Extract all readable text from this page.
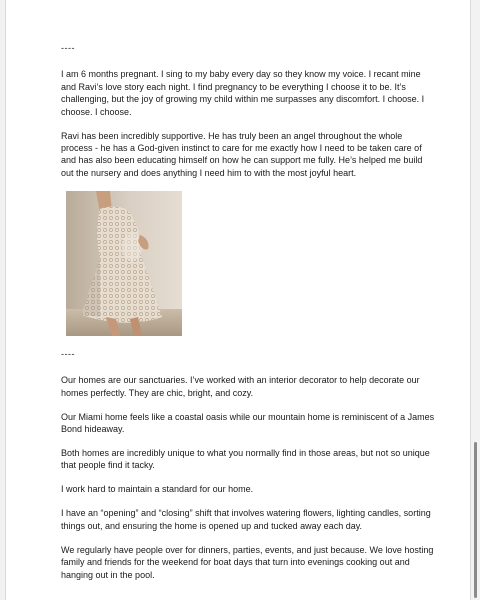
----

I am 6 months pregnant. I sing to my baby every day so they know my voice. I recant mine and Ravi’s love story each night. I find pregnancy to be everything I choose it to be. It’s challenging, but the joy of growing my child within me surpasses any discomfort. I choose. I choose. I choose.

Ravi has been incredibly supportive. He has truly been an angel throughout the whole process - he has a God-given instinct to care for me exactly how I need to be taken care of and has also been educating himself on how he can support me fully. He’s helped me build out the nursery and does anything I need him to with the most joyful heart.

----

Our homes are our sanctuaries. I’ve worked with an interior decorator to help decorate our homes perfectly. They are chic, bright, and cozy.

Our Miami home feels like a coastal oasis while our mountain home is reminiscent of a James Bond hideaway.

Both homes are incredibly unique to what you normally find in those areas, but not so unique that people find it tacky.

I work hard to maintain a standard for our home.

I have an “opening” and “closing” shift that involves watering flowers, lighting candles, sorting things out, and ensuring the home is opened up and tucked away each day.

We regularly have people over for dinners, parties, events, and just because. We love hosting family and friends for the weekend for boat days that turn into evenings cooking out and hanging out in the pool.
